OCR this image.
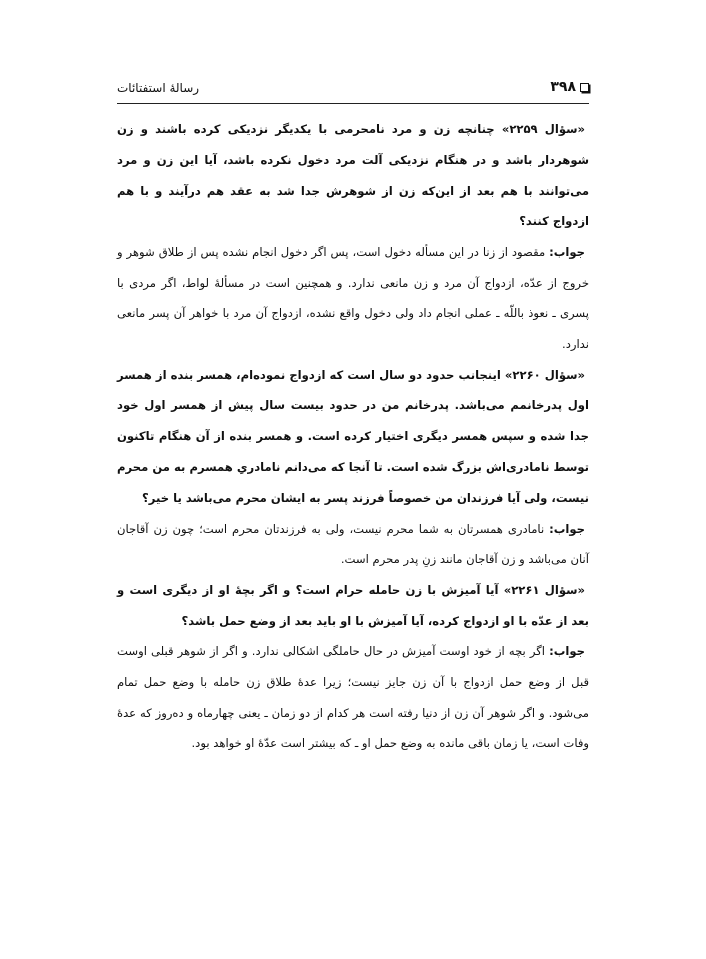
رسالهٔ استفتائات	۳۹۸

«سؤال ۲۲۵۹» چنانچه زن و مرد نامحرمی با یکدیگر نزدیکی کرده باشند و زن شوهردار باشد و در هنگام نزدیکی آلت مرد دخول نکرده باشد، آیا این زن و مرد می‌توانند با هم بعد از این‌که زن از شوهرش جدا شد به عقد هم درآیند و با هم ازدواج کنند؟

جواب: مقصود از زنا در این مسأله دخول است، پس اگر دخول انجام نشده پس از طلاق شوهر و خروج از عدّه، ازدواج آن مرد و زن مانعی ندارد. و همچنین است در مسألهٔ لواط، اگر مردی با پسری ـ نعوذ باللّه ـ عملی انجام داد ولی دخول واقع نشده، ازدواج آن مرد با خواهر آن پسر مانعی ندارد.

«سؤال ۲۲۶۰» اینجانب حدود دو سال است که ازدواج نموده‌ام، همسر بنده از همسر اول پدرخانمم می‌باشد. پدرخانم من در حدود بیست سال پیش از همسر اول خود جدا شده و سپس همسر دیگری اختیار کرده است. و همسر بنده از آن هنگام تاکنون توسط نامادری‌اش بزرگ شده است. تا آنجا که می‌دانم نامادریِ همسرم به من محرم نیست، ولی آیا فرزندان من خصوصاً فرزند پسر به ایشان محرم می‌باشد یا خیر؟

جواب: نامادری همسرتان به شما محرم نیست، ولی به فرزندتان محرم است؛ چون زن آقاجان آنان می‌باشد و زن آقاجان مانند زنِ پدر محرم است.

«سؤال ۲۲۶۱» آیا آمیزش با زن حامله حرام است؟ و اگر بچهٔ او از دیگری است و بعد از عدّه با او ازدواج کرده، آیا آمیزش با او باید بعد از وضع حمل باشد؟

جواب: اگر بچه از خود اوست آمیزش در حال حاملگی اشکالی ندارد. و اگر از شوهر قبلی اوست قبل از وضع حمل ازدواج با آن زن جایز نیست؛ زیرا عدهٔ طلاق زن حامله با وضع حمل تمام می‌شود. و اگر شوهر آن زن از دنیا رفته است هر کدام از دو زمان ـ یعنی چهارماه و ده‌روز که عدهٔ وفات است، یا زمان باقی مانده به وضع حمل او ـ که بیشتر است عدّهٔ او خواهد بود.
